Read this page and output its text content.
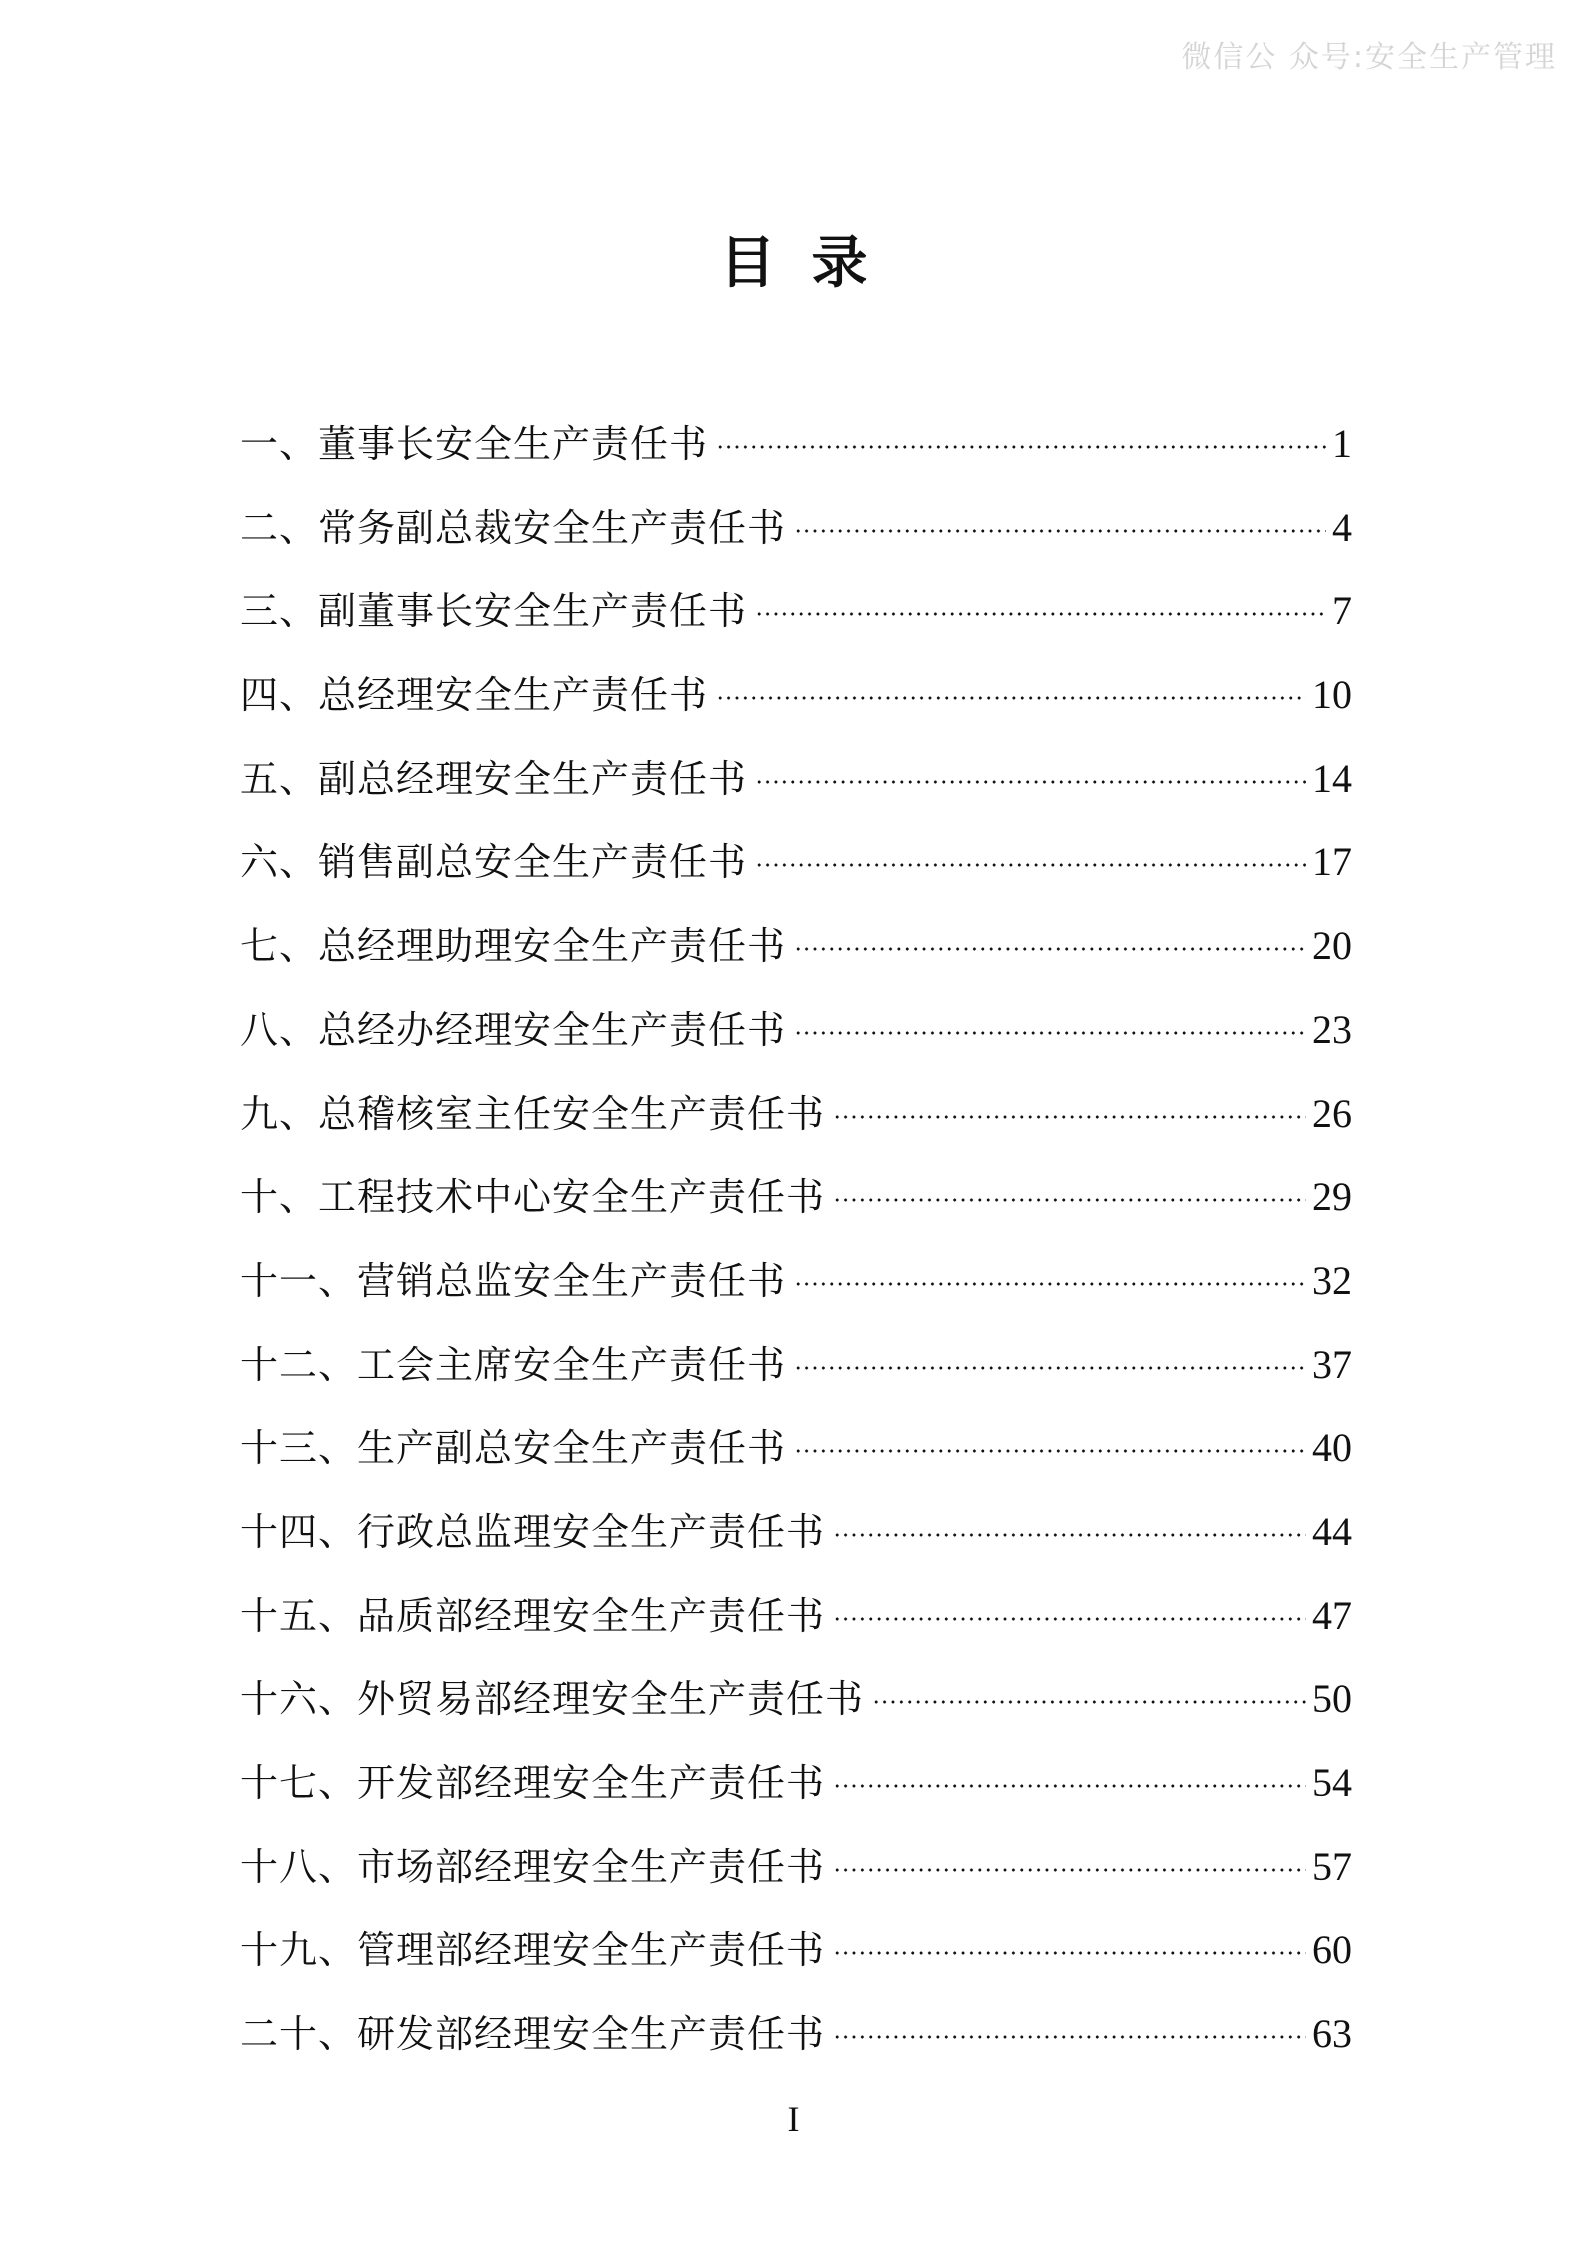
微信公 众号:安全生产管理
目录
一、董事长安全生产责任书	1
二、常务副总裁安全生产责任书	4
三、副董事长安全生产责任书	7
四、总经理安全生产责任书	10
五、副总经理安全生产责任书	14
六、销售副总安全生产责任书	17
七、总经理助理安全生产责任书	20
八、总经办经理安全生产责任书	23
九、总稽核室主任安全生产责任书	26
十、工程技术中心安全生产责任书	29
十一、营销总监安全生产责任书	32
十二、工会主席安全生产责任书	37
十三、生产副总安全生产责任书	40
十四、行政总监理安全生产责任书	44
十五、品质部经理安全生产责任书	47
十六、外贸易部经理安全生产责任书	50
十七、开发部经理安全生产责任书	54
十八、市场部经理安全生产责任书	57
十九、管理部经理安全生产责任书	60
二十、研发部经理安全生产责任书	63

I
